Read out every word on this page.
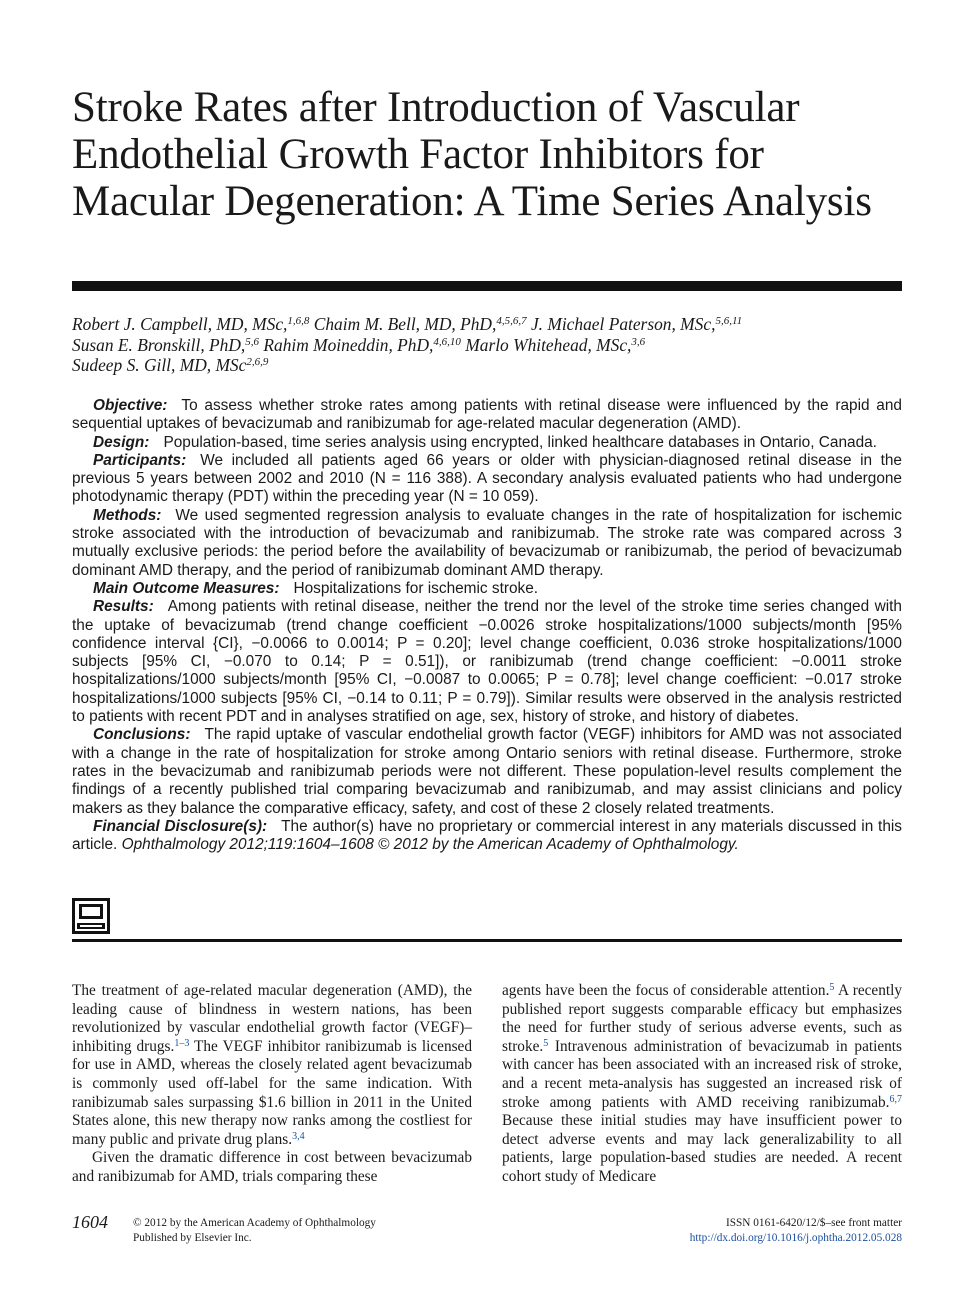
Stroke Rates after Introduction of Vascular Endothelial Growth Factor Inhibitors for Macular Degeneration: A Time Series Analysis
Robert J. Campbell, MD, MSc,$^{1,6,8}$ Chaim M. Bell, MD, PhD,$^{4,5,6,7}$ J. Michael Paterson, MSc,$^{5,6,11}$
Susan E. Bronskill, PhD,$^{5,6}$ Rahim Moineddin, PhD,$^{4,6,10}$ Marlo Whitehead, MSc,$^{3,6}$
Sudeep S. Gill, MD, MSc$^{2,6,9}$

Objective: To assess whether stroke rates among patients with retinal disease were influenced by the rapid and sequential uptakes of bevacizumab and ranibizumab for age-related macular degeneration (AMD).

Design: Population-based, time series analysis using encrypted, linked healthcare databases in Ontario, Canada.

Participants: We included all patients aged 66 years or older with physician-diagnosed retinal disease in the previous 5 years between 2002 and 2010 (N = 116 388). A secondary analysis evaluated patients who had undergone photodynamic therapy (PDT) within the preceding year (N = 10 059).

Methods: We used segmented regression analysis to evaluate changes in the rate of hospitalization for ischemic stroke associated with the introduction of bevacizumab and ranibizumab. The stroke rate was compared across 3 mutually exclusive periods: the period before the availability of bevacizumab or ranibizumab, the period of bevacizumab dominant AMD therapy, and the period of ranibizumab dominant AMD therapy.

Main Outcome Measures: Hospitalizations for ischemic stroke.

Results: Among patients with retinal disease, neither the trend nor the level of the stroke time series changed with the uptake of bevacizumab (trend change coefficient −0.0026 stroke hospitalizations/1000 subjects/month [95% confidence interval {CI}, −0.0066 to 0.0014; P = 0.20]; level change coefficient, 0.036 stroke hospitalizations/1000 subjects [95% CI, −0.070 to 0.14; P = 0.51]), or ranibizumab (trend change coefficient: −0.0011 stroke hospitalizations/1000 subjects/month [95% CI, −0.0087 to 0.0065; P = 0.78]; level change coefficient: −0.017 stroke hospitalizations/1000 subjects [95% CI, −0.14 to 0.11; P = 0.79]). Similar results were observed in the analysis restricted to patients with recent PDT and in analyses stratified on age, sex, history of stroke, and history of diabetes.

Conclusions: The rapid uptake of vascular endothelial growth factor (VEGF) inhibitors for AMD was not associated with a change in the rate of hospitalization for stroke among Ontario seniors with retinal disease. Furthermore, stroke rates in the bevacizumab and ranibizumab periods were not different. These population-level results complement the findings of a recently published trial comparing bevacizumab and ranibizumab, and may assist clinicians and policy makers as they balance the comparative efficacy, safety, and cost of these 2 closely related treatments.

Financial Disclosure(s): The author(s) have no proprietary or commercial interest in any materials discussed in this article. Ophthalmology 2012;119:1604–1608 © 2012 by the American Academy of Ophthalmology.

The treatment of age-related macular degeneration (AMD), the leading cause of blindness in western nations, has been revolutionized by vascular endothelial growth factor (VEGF)–inhibiting drugs.$^{1-3}$ The VEGF inhibitor ranibizumab is licensed for use in AMD, whereas the closely related agent bevacizumab is commonly used off-label for the same indication. With ranibizumab sales surpassing $1.6 billion in 2011 in the United States alone, this new therapy now ranks among the costliest for many public and private drug plans.$^{3,4}$

Given the dramatic difference in cost between bevacizumab and ranibizumab for AMD, trials comparing these

agents have been the focus of considerable attention.$^5$ A recently published report suggests comparable efficacy but emphasizes the need for further study of serious adverse events, such as stroke.$^5$ Intravenous administration of bevacizumab in patients with cancer has been associated with an increased risk of stroke, and a recent meta-analysis has suggested an increased risk of stroke among patients with AMD receiving ranibizumab.$^{6,7}$ Because these initial studies may have insufficient power to detect adverse events and may lack generalizability to all patients, large population-based studies are needed. A recent cohort study of Medicare

1604 © 2012 by the American Academy of Ophthalmology
Published by Elsevier Inc.
ISSN 0161-6420/12/$–see front matter
http://dx.doi.org/10.1016/j.ophtha.2012.05.028
